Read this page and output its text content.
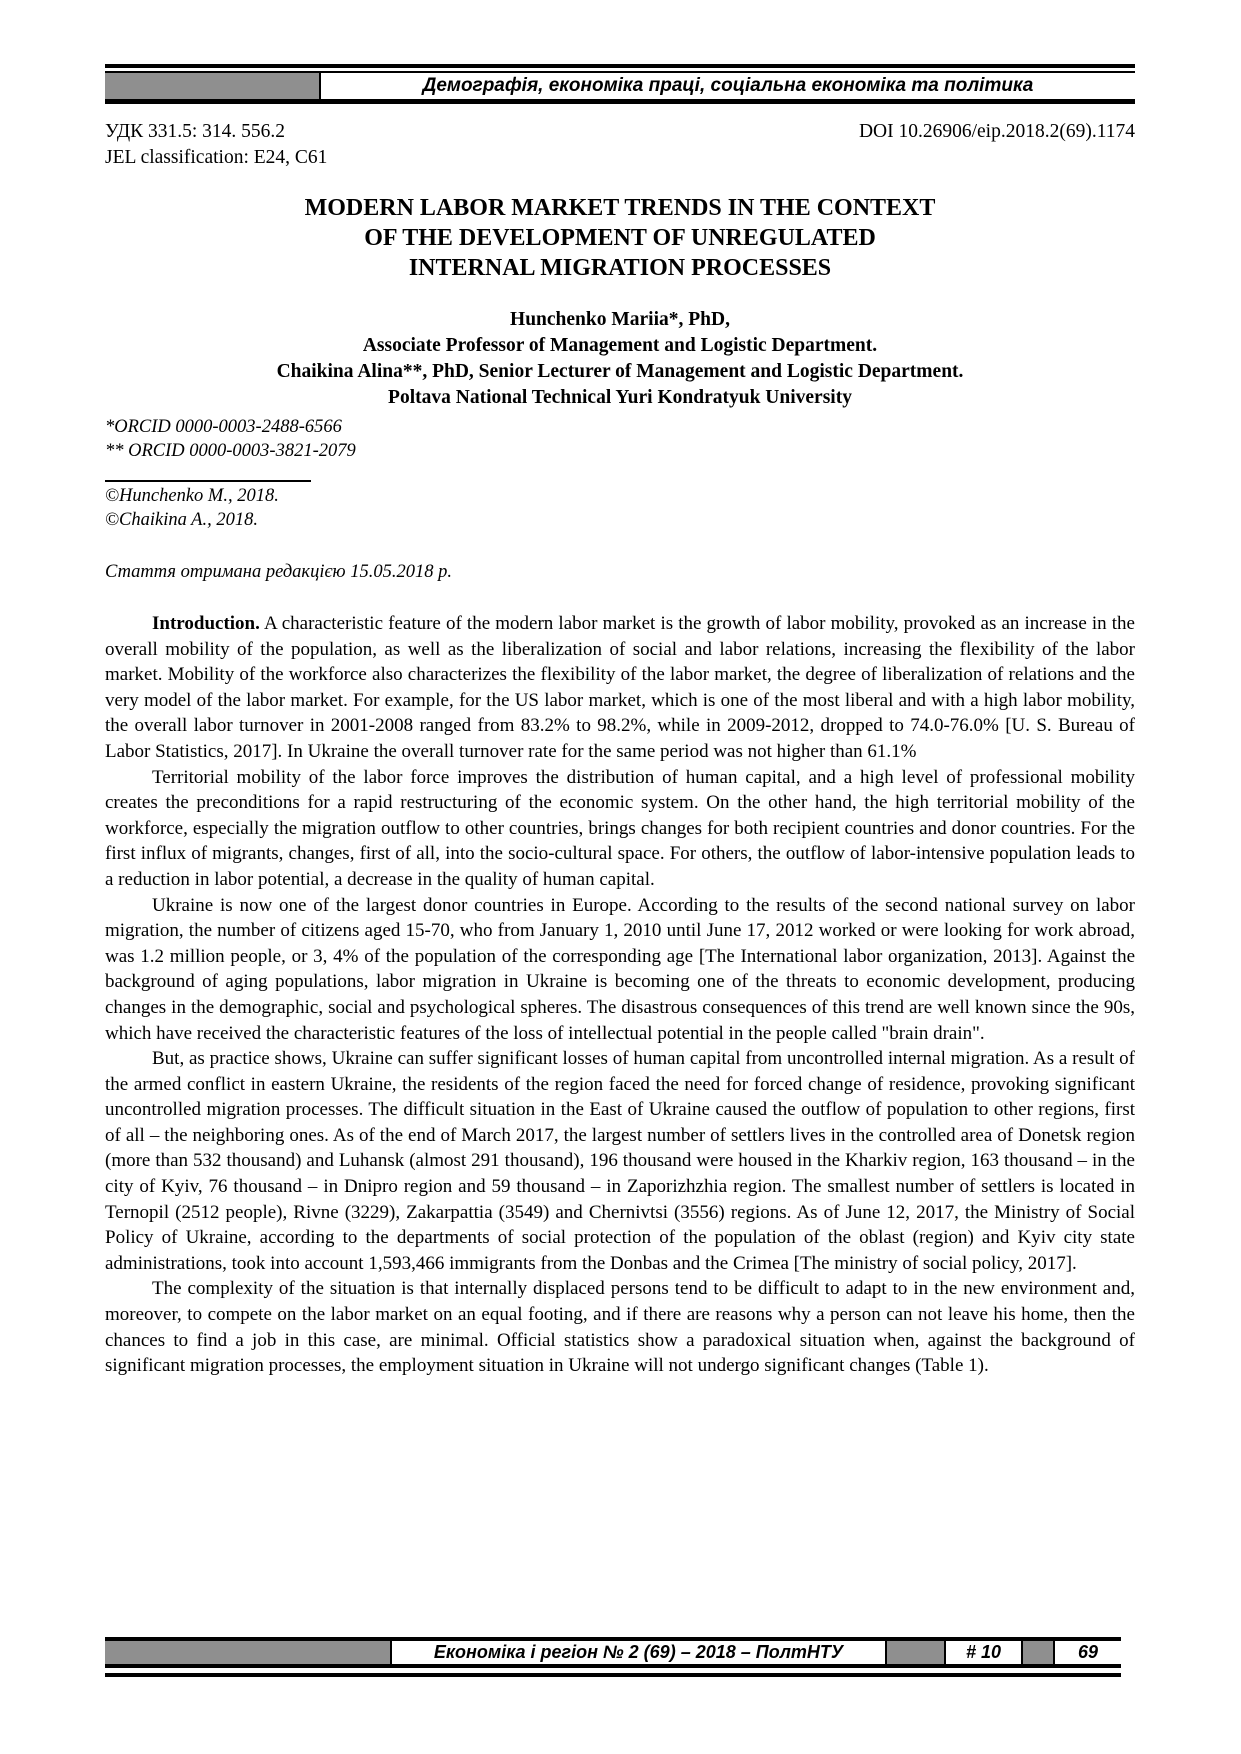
Демографія, економіка праці, соціальна економіка та політика
УДК 331.5: 314. 556.2
JEL classification: E24, C61
DOI 10.26906/eip.2018.2(69).1174
MODERN LABOR MARKET TRENDS IN THE CONTEXT
OF THE DEVELOPMENT OF UNREGULATED
INTERNAL MIGRATION PROCESSES
Hunchenko Mariia*, PhD,
Associate Professor of Management and Logistic Department.
Chaikina Alina**, PhD, Senior Lecturer of Management and Logistic Department.
Poltava National Technical Yuri Kondratyuk University
*ORCID 0000-0003-2488-6566
** ORCID 0000-0003-3821-2079
©Hunchenko M., 2018.
©Chaikina A., 2018.
Стаття отримана редакцією 15.05.2018 р.

Introduction. A characteristic feature of the modern labor market is the growth of labor mobility, provoked as an increase in the overall mobility of the population, as well as the liberalization of social and labor relations, increasing the flexibility of the labor market. Mobility of the workforce also characterizes the flexibility of the labor market, the degree of liberalization of relations and the very model of the labor market. For example, for the US labor market, which is one of the most liberal and with a high labor mobility, the overall labor turnover in 2001-2008 ranged from 83.2% to 98.2%, while in 2009-2012, dropped to 74.0-76.0% [U. S. Bureau of Labor Statistics, 2017]. In Ukraine the overall turnover rate for the same period was not higher than 61.1%

Territorial mobility of the labor force improves the distribution of human capital, and a high level of professional mobility creates the preconditions for a rapid restructuring of the economic system. On the other hand, the high territorial mobility of the workforce, especially the migration outflow to other countries, brings changes for both recipient countries and donor countries. For the first influx of migrants, changes, first of all, into the socio-cultural space. For others, the outflow of labor-intensive population leads to a reduction in labor potential, a decrease in the quality of human capital.

Ukraine is now one of the largest donor countries in Europe. According to the results of the second national survey on labor migration, the number of citizens aged 15-70, who from January 1, 2010 until June 17, 2012 worked or were looking for work abroad, was 1.2 million people, or 3, 4% of the population of the corresponding age [The International labor organization, 2013]. Against the background of aging populations, labor migration in Ukraine is becoming one of the threats to economic development, producing changes in the demographic, social and psychological spheres. The disastrous consequences of this trend are well known since the 90s, which have received the characteristic features of the loss of intellectual potential in the people called "brain drain".

But, as practice shows, Ukraine can suffer significant losses of human capital from uncontrolled internal migration. As a result of the armed conflict in eastern Ukraine, the residents of the region faced the need for forced change of residence, provoking significant uncontrolled migration processes. The difficult situation in the East of Ukraine caused the outflow of population to other regions, first of all – the neighboring ones. As of the end of March 2017, the largest number of settlers lives in the controlled area of Donetsk region (more than 532 thousand) and Luhansk (almost 291 thousand), 196 thousand were housed in the Kharkiv region, 163 thousand – in the city of Kyiv, 76 thousand – in Dnipro region and 59 thousand – in Zaporizhzhia region. The smallest number of settlers is located in Ternopil (2512 people), Rivne (3229), Zakarpattia (3549) and Chernivtsi (3556) regions. As of June 12, 2017, the Ministry of Social Policy of Ukraine, according to the departments of social protection of the population of the oblast (region) and Kyiv city state administrations, took into account 1,593,466 immigrants from the Donbas and the Crimea [The ministry of social policy, 2017].

The complexity of the situation is that internally displaced persons tend to be difficult to adapt to in the new environment and, moreover, to compete on the labor market on an equal footing, and if there are reasons why a person can not leave his home, then the chances to find a job in this case, are minimal. Official statistics show a paradoxical situation when, against the background of significant migration processes, the employment situation in Ukraine will not undergo significant changes (Table 1).

Економіка і регіон № 2 (69) – 2018 – ПолтНТУ	# 10	69
